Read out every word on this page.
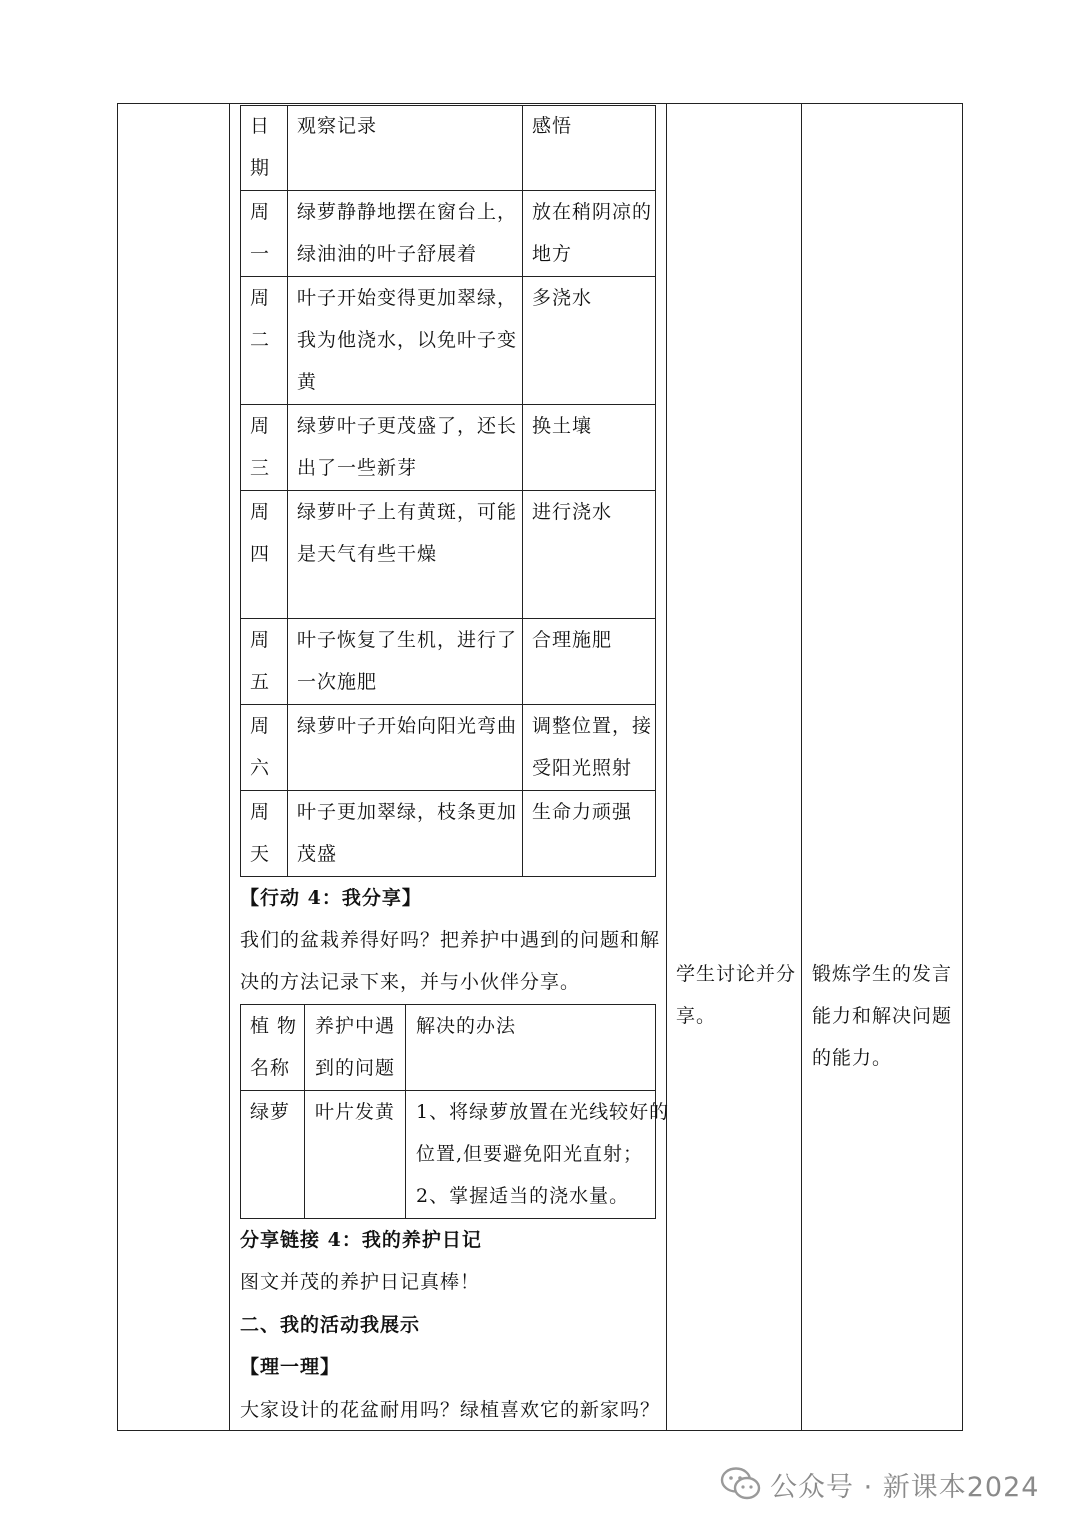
日
期
观察记录	感悟
周
一
绿萝静静地摆在窗台上，
绿油油的叶子舒展着
放在稍阴凉的
地方
周
二
叶子开始变得更加翠绿，
我为他浇水，以免叶子变
黄
多浇水
周
三
绿萝叶子更茂盛了，还长
出了一些新芽
换土壤
周
四
绿萝叶子上有黄斑，可能
是天气有些干燥
进行浇水
周
五
叶子恢复了生机，进行了
一次施肥
合理施肥
周
六
绿萝叶子开始向阳光弯曲 调整位置，接
受阳光照射
周
天
叶子更加翠绿，枝条更加
茂盛
生命力顽强
【行动 4：我分享】
我们的盆栽养得好吗？把养护中遇到的问题和解
决的方法记录下来，并与小伙伴分享。
植 物
名称
养护中遇
到的问题
解决的办法
绿萝 叶片发黄 1、将绿萝放置在光线较好的
位置,但要避免阳光直射；
2、掌握适当的浇水量。
分享链接 4：我的养护日记
图文并茂的养护日记真棒！
二、我的活动我展示
【理一理】
大家设计的花盆耐用吗？绿植喜欢它的新家吗？
学生讨论并分
享。
锻炼学生的发言
能力和解决问题
的能力。
公众号 · 新课本2024
